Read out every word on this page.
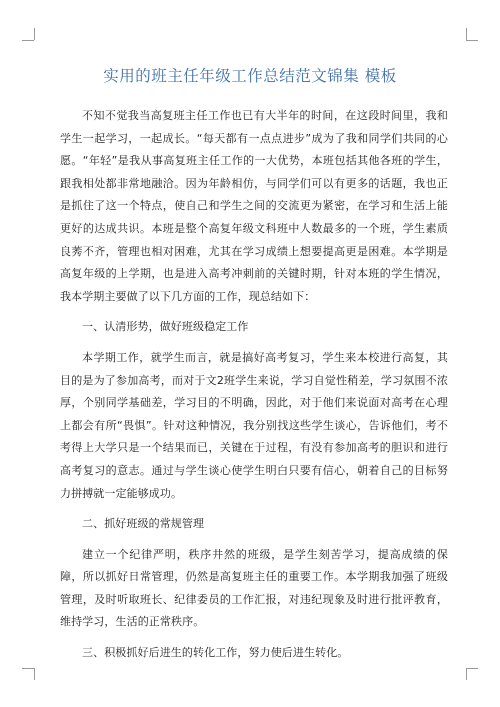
实用的班主任年级工作总结范文锦集 模板

不知不觉我当高复班主任工作也已有大半年的时间，在这段时间里，我和学生一起学习，一起成长。“每天都有一点点进步”成为了我和同学们共同的心愿。“年轻”是我从事高复班主任工作的一大优势，本班包括其他各班的学生，跟我相处都非常地融洽。因为年龄相仿，与同学们可以有更多的话题，我也正是抓住了这一个特点，使自己和学生之间的交流更为紧密，在学习和生活上能更好的达成共识。本班是整个高复年级文科班中人数最多的一个班，学生素质良莠不齐，管理也相对困难，尤其在学习成绩上想要提高更是困难。本学期是高复年级的上学期，也是进入高考冲刺前的关键时期，针对本班的学生情况，我本学期主要做了以下几方面的工作，现总结如下：

一、认清形势，做好班级稳定工作

本学期工作，就学生而言，就是搞好高考复习，学生来本校进行高复，其目的是为了参加高考，而对于文2班学生来说，学习自觉性稍差，学习氛围不浓厚，个别同学基础差，学习目的不明确，因此，对于他们来说面对高考在心理上都会有所“畏惧”。针对这种情况，我分别找这些学生谈心，告诉他们，考不考得上大学只是一个结果而已，关键在于过程，有没有参加高考的胆识和进行高考复习的意志。通过与学生谈心使学生明白只要有信心，朝着自己的目标努力拼搏就一定能够成功。

二、抓好班级的常规管理

建立一个纪律严明，秩序井然的班级，是学生刻苦学习，提高成绩的保障，所以抓好日常管理，仍然是高复班主任的重要工作。本学期我加强了班级管理，及时听取班长、纪律委员的工作汇报，对违纪现象及时进行批评教育，维持学习，生活的正常秩序。

三、积极抓好后进生的转化工作，努力使后进生转化。
